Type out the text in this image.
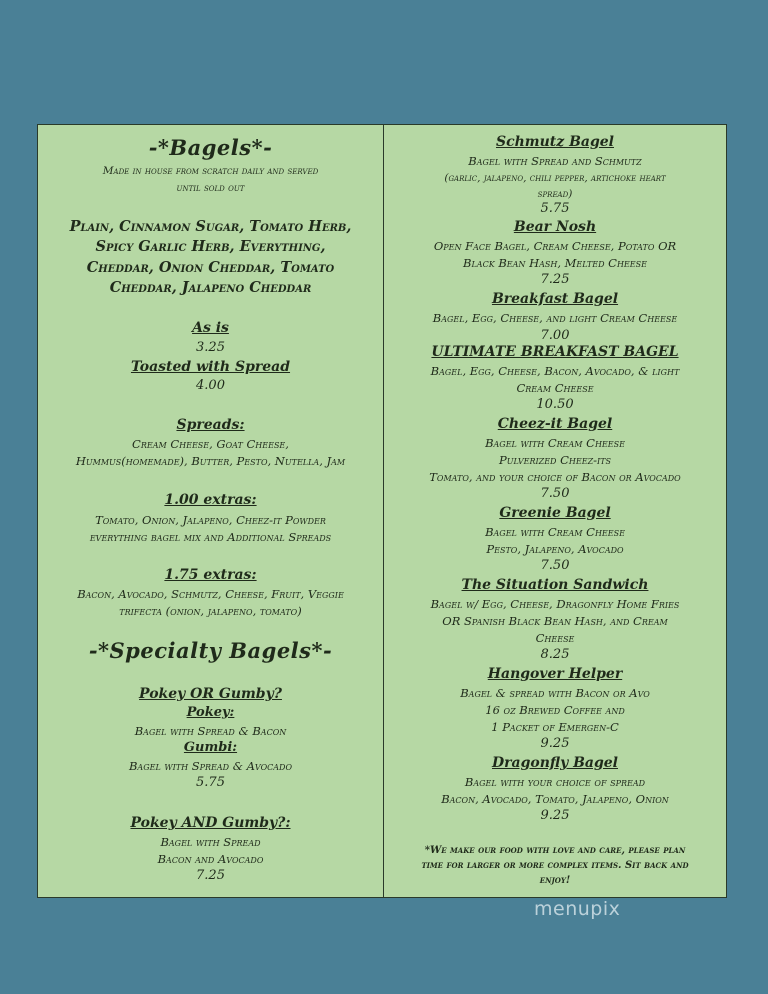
-*Bagels*-

Made in house from scratch daily and served

until sold out

Plain, Cinnamon Sugar, Tomato Herb,

Spicy Garlic Herb, Everything,

Cheddar, Onion Cheddar, Tomato

Cheddar, Jalapeno Cheddar

As is

3.25

Toasted with Spread

4.00

Spreads:

Cream Cheese, Goat Cheese,

Hummus(homemade), Butter, Pesto, Nutella, Jam

1.00 extras:

Tomato, Onion, Jalapeno, Cheez-it Powder

everything bagel mix and Additional Spreads

1.75 extras:

Bacon, Avocado, Schmutz, Cheese, Fruit, Veggie

trifecta (onion, jalapeno, tomato)

-*Specialty Bagels*-

Pokey OR Gumby?

Pokey:

Bagel with Spread & Bacon

Gumbi:

Bagel with Spread & Avocado

5.75

Pokey AND Gumby?:

Bagel with Spread

Bacon and Avocado

7.25

Schmutz Bagel

Bagel with Spread and Schmutz

(garlic, jalapeno, chili pepper, artichoke heart

spread)

5.75

Bear Nosh

Open Face Bagel, Cream Cheese, Potato OR

Black Bean Hash, Melted Cheese

7.25

Breakfast Bagel

Bagel, Egg, Cheese, and light Cream Cheese

7.00

ULTIMATE BREAKFAST BAGEL

Bagel, Egg, Cheese, Bacon, Avocado, & light

Cream Cheese

10.50

Cheez-it Bagel

Bagel with Cream Cheese

Pulverized Cheez-its

Tomato, and your choice of Bacon or Avocado

7.50

Greenie Bagel

Bagel with Cream Cheese

Pesto, Jalapeno, Avocado

7.50

The Situation Sandwich

Bagel w/ Egg, Cheese, Dragonfly Home Fries

OR Spanish Black Bean Hash, and Cream

Cheese

8.25

Hangover Helper

Bagel & spread with Bacon or Avo

16 oz Brewed Coffee and

1 Packet of Emergen-C

9.25

Dragonfly Bagel

Bagel with your choice of spread

Bacon, Avocado, Tomato, Jalapeno, Onion

9.25

*We make our food with love and care, please plan

time for larger or more complex items. Sit back and

enjoy!

menupix
